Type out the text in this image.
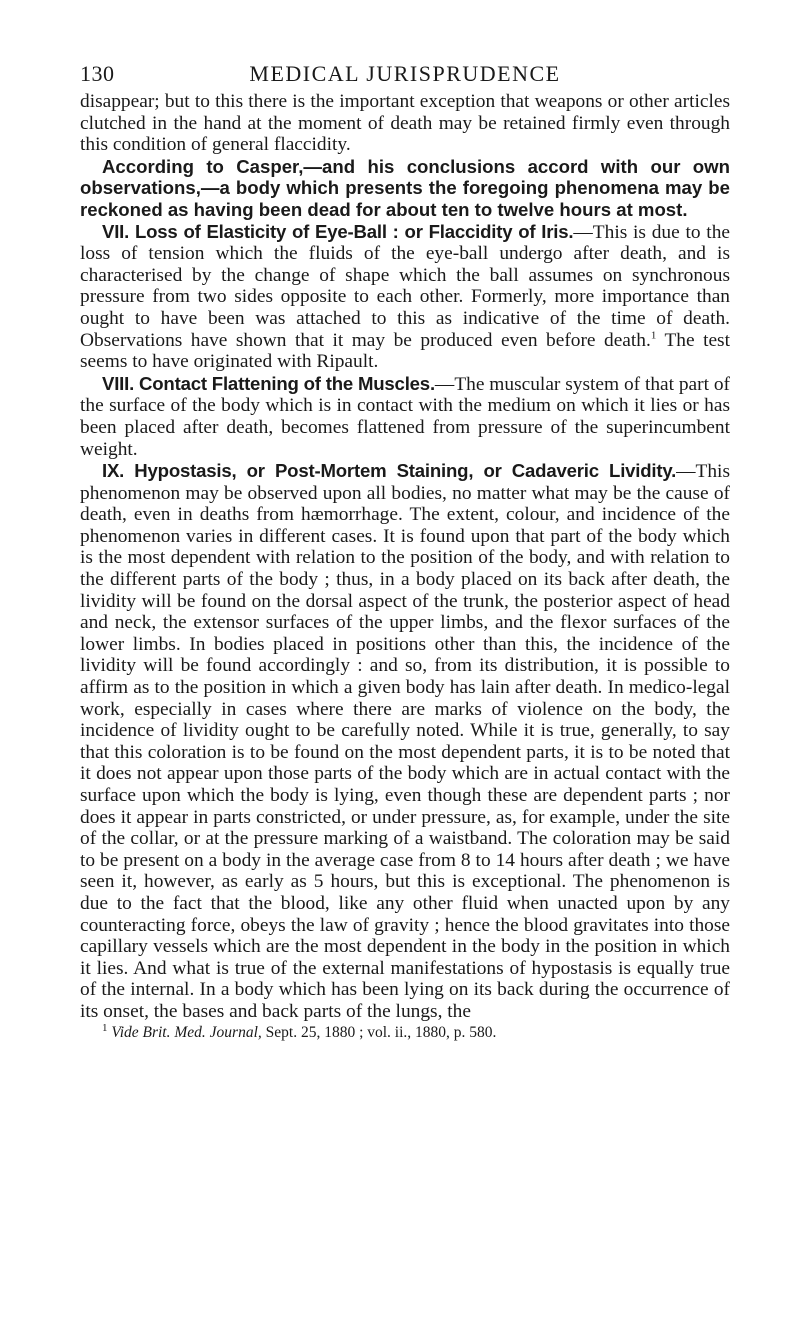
130	MEDICAL JURISPRUDENCE

disappear; but to this there is the important exception that weapons or other articles clutched in the hand at the moment of death may be retained firmly even through this condition of general flaccidity.

According to Casper,—and his conclusions accord with our own observations,—a body which presents the foregoing phenomena may be reckoned as having been dead for about ten to twelve hours at most.

VII. Loss of Elasticity of Eye-Ball : or Flaccidity of Iris.—This is due to the loss of tension which the fluids of the eye-ball undergo after death, and is characterised by the change of shape which the ball assumes on synchronous pressure from two sides opposite to each other. Formerly, more importance than ought to have been was attached to this as indicative of the time of death. Observations have shown that it may be produced even before death.$^1$ The test seems to have originated with Ripault.

VIII. Contact Flattening of the Muscles.—The muscular system of that part of the surface of the body which is in contact with the medium on which it lies or has been placed after death, becomes flattened from pressure of the superincumbent weight.

IX. Hypostasis, or Post-Mortem Staining, or Cadaveric Lividity.—This phenomenon may be observed upon all bodies, no matter what may be the cause of death, even in deaths from hæmorrhage. The extent, colour, and incidence of the phenomenon varies in different cases. It is found upon that part of the body which is the most dependent with relation to the position of the body, and with relation to the different parts of the body ; thus, in a body placed on its back after death, the lividity will be found on the dorsal aspect of the trunk, the posterior aspect of head and neck, the extensor surfaces of the upper limbs, and the flexor surfaces of the lower limbs. In bodies placed in positions other than this, the incidence of the lividity will be found accordingly : and so, from its distribution, it is possible to affirm as to the position in which a given body has lain after death. In medico-legal work, especially in cases where there are marks of violence on the body, the incidence of lividity ought to be carefully noted. While it is true, generally, to say that this coloration is to be found on the most dependent parts, it is to be noted that it does not appear upon those parts of the body which are in actual contact with the surface upon which the body is lying, even though these are dependent parts ; nor does it appear in parts constricted, or under pressure, as, for example, under the site of the collar, or at the pressure marking of a waistband. The coloration may be said to be present on a body in the average case from 8 to 14 hours after death ; we have seen it, however, as early as 5 hours, but this is exceptional. The phenomenon is due to the fact that the blood, like any other fluid when unacted upon by any counteracting force, obeys the law of gravity ; hence the blood gravitates into those capillary vessels which are the most dependent in the body in the position in which it lies. And what is true of the external manifestations of hypostasis is equally true of the internal. In a body which has been lying on its back during the occurrence of its onset, the bases and back parts of the lungs, the

$^1$ Vide Brit. Med. Journal, Sept. 25, 1880 ; vol. ii., 1880, p. 580.
